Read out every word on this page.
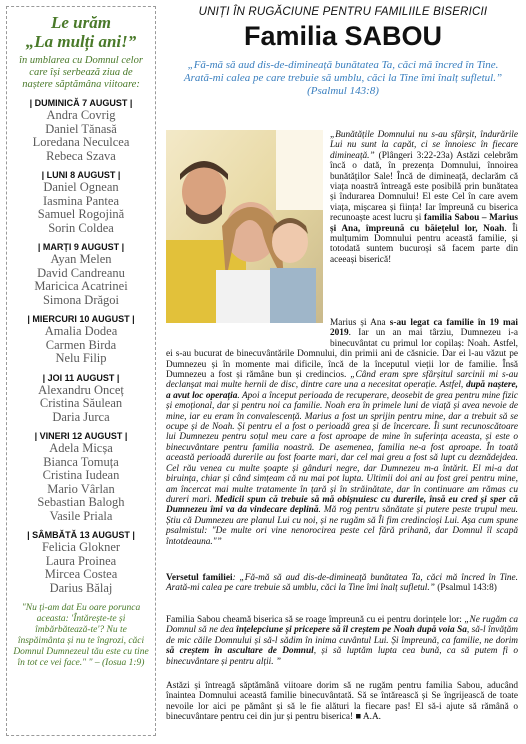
Le urăm
„La mulți ani!”
în umblarea cu Domnul celor care își serbează ziua de naștere săptămâna viitoare:
| DUMINICĂ 7 AUGUST |
Andra Covrig
Daniel Tănasă
Loredana Neculcea
Rebeca Szava
| LUNI 8 AUGUST |
Daniel Ognean
Iasmina Pantea
Samuel Rogojină
Sorin Coldea
| MARȚI 9 AUGUST |
Ayan Melen
David Candreanu
Maricica Acatrinei
Simona Drăgoi
| MIERCURI 10 AUGUST |
Amalia Dodea
Carmen Birda
Nelu Filip
| JOI 11 AUGUST |
Alexandru Onceț
Cristina Săulean
Daria Jurca
| VINERI 12 AUGUST |
Adela Micșa
Bianca Tomuța
Cristina Iudean
Mario Vârlan
Sebastian Balogh
Vasile Priala
| SÂMBĂTĂ 13 AUGUST |
Felicia Glokner
Laura Proinea
Mircea Costea
Darius Bălaj
"Nu ți-am dat Eu oare porunca aceasta: 'Întărește-te și îmbărbătează-te'? Nu te înspăimânta și nu te îngrozi, căci Domnul Dumnezeul tău este cu tine în tot ce vei face." " – (Iosua 1:9)
UNIȚI ÎN RUGĂCIUNE PENTRU FAMILIILE BISERICII
Familia SABOU
„Fă-mă să aud dis-de-dimineață bunătatea Ta, căci mă încred în Tine. Arată-mi calea pe care trebuie să umblu, căci la Tine îmi înalț sufletul.” (Psalmul 143:8)
„Bunătățile Domnului nu s-au sfârșit, îndurările Lui nu sunt la capăt, ci se înnoiesc în fiecare dimineață.” (Plângeri 3:22-23a) Astăzi celebrăm încă o dată, în prezența Domnului, înnoirea bunătăților Sale! Încă de dimineață, declarăm că viața noastră întreagă este posibilă prin bunătatea și îndurarea Domnului! El este Cel în care avem viața, mișcarea și ființa! Iar împreună cu biserica recunoaște acest lucru și familia Sabou – Marius și Ana, împreună cu băiețelul lor, Noah. Îi mulțumim Domnului pentru această familie, și totodată suntem bucuroși să facem parte din aceeași biserică!
Marius și Ana s-au legat ca familie în 19 mai 2019. Iar un an mai târziu, Dumnezeu i-a binecuvântat cu primul lor copilaș: Noah. Astfel, ei s-au bucurat de binecuvântările Domnului, din primii ani de căsnicie. Dar ei l-au văzut pe Dumnezeu și în momente mai dificile, încă de la începutul vieții lor de familie. Însă Dumnezeu a fost și rămâne bun și credincios. „Când eram spre sfârșitul sarcinii mi s-au declanșat mai multe hernii de disc, dintre care una a necesitat operație. Astfel, după naștere, a avut loc operația. Apoi a început perioada de recuperare, deosebit de grea pentru mine fizic și emoțional, dar și pentru noi ca familie. Noah era în primele luni de viață și avea nevoie de mine, iar eu eram în convalescență. Marius a fost un sprijin pentru mine, dar a trebuit să se ocupe și de Noah. Și pentru el a fost o perioadă grea și de încercare. Îi sunt recunoscătoare lui Dumnezeu pentru soțul meu care a fost aproape de mine în suferința aceasta, și este o binecuvântare pentru familia noastră. De asemenea, familia ne-a fost aproape. În toată această perioadă durerile au fost foarte mari, dar cel mai greu a fost să lupt cu deznădejdea. Cel rău venea cu multe șoapte și gânduri negre, dar Dumnezeu m-a întărit. El mi-a dat biruința, chiar și când simțeam că nu mai pot lupta. Ultimii doi ani au fost grei pentru mine, am încercat mai multe tratamente în țară și în străinătate, dar în continuare am rămas cu dureri mari. Medicii spun că trebuie să mă obișnuiesc cu durerile, însă eu cred și sper că Dumnezeu îmi va da vindecare deplină. Mă rog pentru sănătate și putere peste trupul meu. Știu că Dumnezeu are planul Lui cu noi, și ne rugăm să Îi fim credincioși Lui. Așa cum spune psalmistul: "De multe ori vine nenorocirea peste cel fără prihană, dar Domnul îl scapă întotdeauna."”
Versetul familiei: „Fă-mă să aud dis-de-dimineață bunătatea Ta, căci mă încred în Tine. Arată-mi calea pe care trebuie să umblu, căci la Tine îmi înalț sufletul.” (Psalmul 143:8)
Familia Sabou cheamă biserica să se roage împreună cu ei pentru dorințele lor: „Ne rugăm ca Domnul să ne dea înțelepciune și pricepere să îl creștem pe Noah după voia Sa, să-l învățăm de mic căile Domnului și să-l sădim în inima cuvântul Lui. Și împreună, ca familie, ne dorim să creștem în ascultare de Domnul, și să luptăm lupta cea bună, ca să putem fi o binecuvântare și pentru alții. ”
Astăzi și întreagă săptămână viitoare dorim să ne rugăm pentru familia Sabou, aducând înaintea Domnului această familie binecuvântată. Să se întărească și Se îngrijească de toate nevoile lor aici pe pământ și să le fie alături la fiecare pas! El să-i ajute să rămână o binecuvântare pentru cei din jur și pentru biserica! ■ A.A.
